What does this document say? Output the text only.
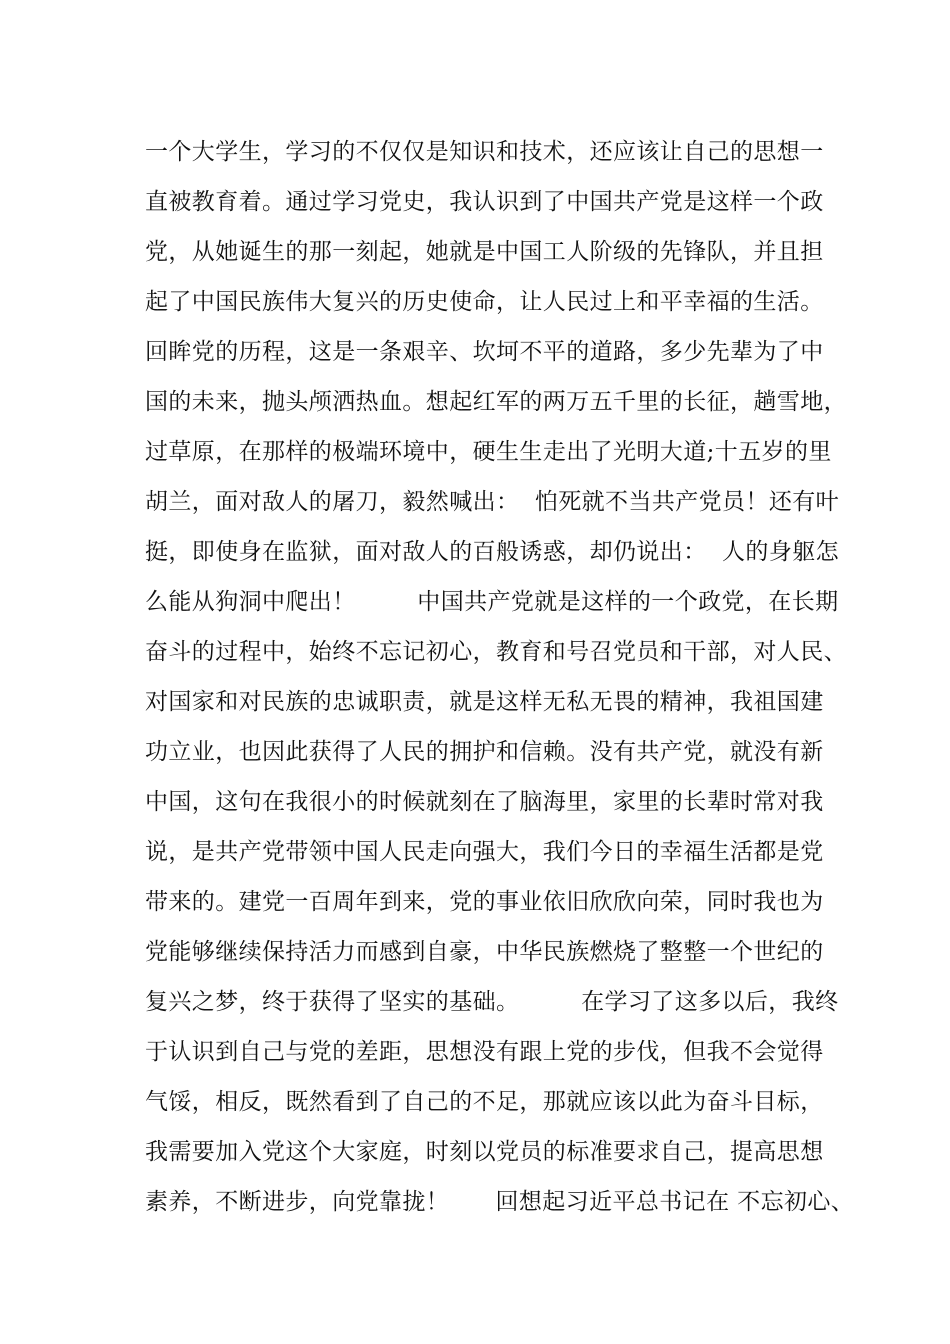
一个大学生，学习的不仅仅是知识和技术，还应该让自己的思想一
直被教育着。通过学习党史，我认识到了中国共产党是这样一个政
党，从她诞生的那一刻起，她就是中国工人阶级的先锋队，并且担
起了中国民族伟大复兴的历史使命，让人民过上和平幸福的生活。
回眸党的历程，这是一条艰辛、坎坷不平的道路，多少先辈为了中
国的未来，抛头颅洒热血。想起红军的两万五千里的长征，趟雪地，
过草原，在那样的极端环境中，硬生生走出了光明大道;十五岁的里
胡兰，面对敌人的屠刀，毅然喊出：  怕死就不当共产党员！还有叶
挺，即使身在监狱，面对敌人的百般诱惑，却仍说出：  人的身躯怎
么能从狗洞中爬出！        中国共产党就是这样的一个政党，在长期
奋斗的过程中，始终不忘记初心，教育和号召党员和干部，对人民、
对国家和对民族的忠诚职责，就是这样无私无畏的精神，我祖国建
功立业，也因此获得了人民的拥护和信赖。没有共产党，就没有新
中国，这句在我很小的时候就刻在了脑海里，家里的长辈时常对我
说，是共产党带领中国人民走向强大，我们今日的幸福生活都是党
带来的。建党一百周年到来，党的事业依旧欣欣向荣，同时我也为
党能够继续保持活力而感到自豪，中华民族燃烧了整整一个世纪的
复兴之梦，终于获得了坚实的基础。        在学习了这多以后，我终
于认识到自己与党的差距，思想没有跟上党的步伐，但我不会觉得
气馁，相反，既然看到了自己的不足，那就应该以此为奋斗目标，
我需要加入党这个大家庭，时刻以党员的标准要求自己，提高思想
素养，不断进步，向党靠拢！      回想起习近平总书记在 不忘初心、
